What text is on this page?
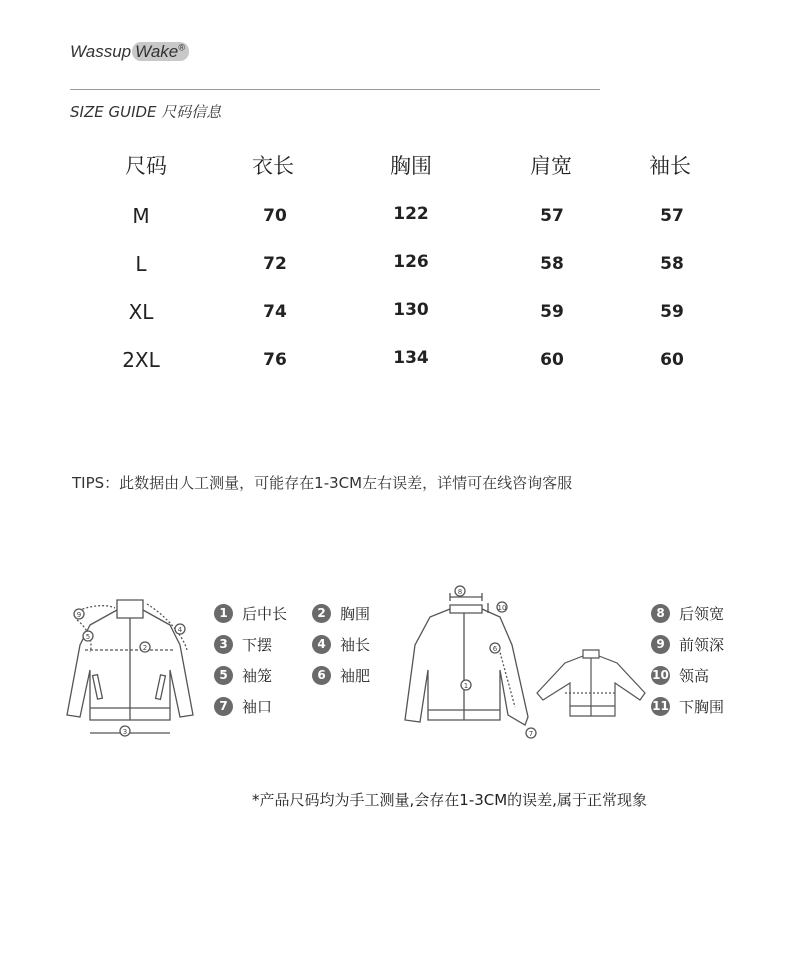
Wassup Wake®
SIZE GUIDE 尺码信息
尺码	衣长	胸围	肩宽	袖长
M	70	122	57	57
L	72	126	58	58
XL	74	130	59	59
2XL	76	134	60	60
TIPS：此数据由人工测量，可能存在1-3CM左右误差，详情可在线咨询客服
9
5
2
4
3
1 后中长	2 胸围
3 下摆	4 袖长
5 袖笼	6 袖肥
7 袖口
8
10
6
1
7
8 后领宽
9 前领深
10 领高
11 下胸围
*产品尺码均为手工测量,会存在1-3CM的误差,属于正常现象
